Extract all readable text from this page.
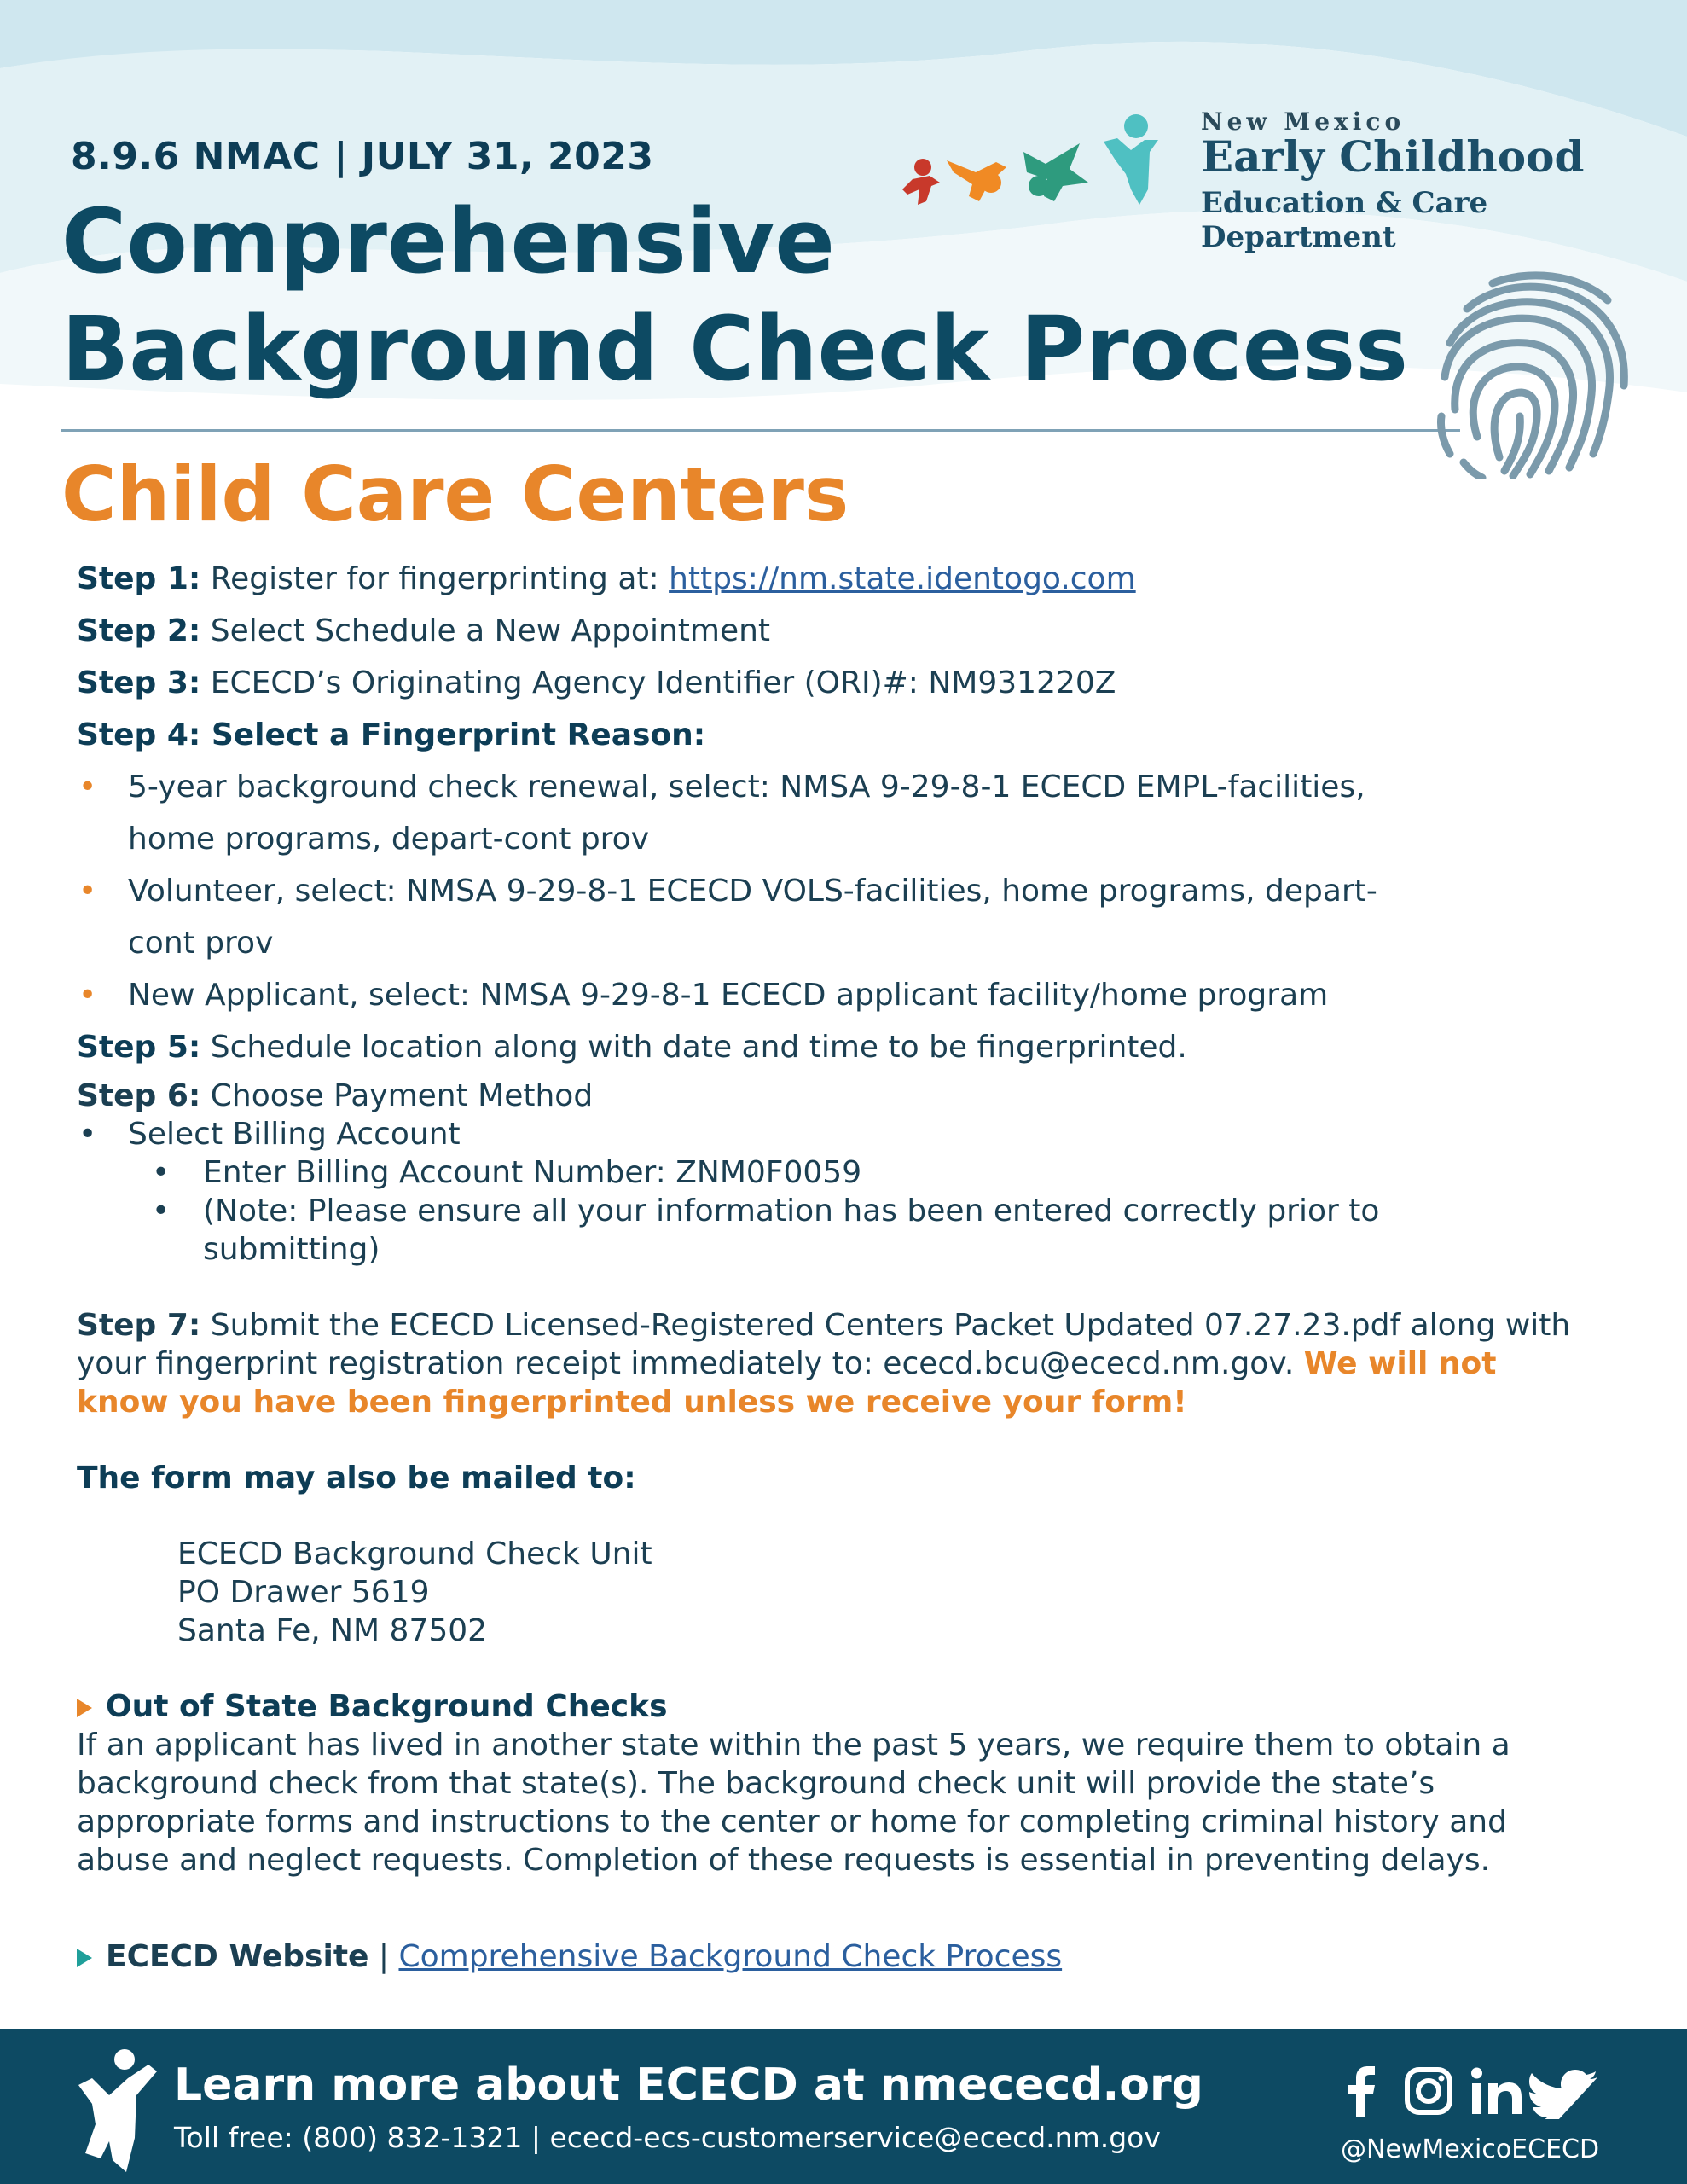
8.9.6 NMAC | JULY 31, 2023
Comprehensive
Background Check Process
Child Care Centers
New Mexico
Early Childhood
Education & Care Department

Step 1: Register for fingerprinting at: https://nm.state.identogo.com

Step 2: Select Schedule a New Appointment

Step 3: ECECD’s Originating Agency Identifier (ORI)#: NM931220Z

Step 4: Select a Fingerprint Reason:

• 5-year background check renewal, select: NMSA 9-29-8-1 ECECD EMPL-facilities, home programs, depart-cont prov
• Volunteer, select: NMSA 9-29-8-1 ECECD VOLS-facilities, home programs, depart-cont prov
• New Applicant, select: NMSA 9-29-8-1 ECECD applicant facility/home program

Step 5: Schedule location along with date and time to be fingerprinted.

Step 6: Choose Payment Method
• Select Billing Account
• Enter Billing Account Number: ZNM0F0059
• (Note: Please ensure all your information has been entered correctly prior to submitting)
Step 7: Submit the ECECD Licensed-Registered Centers Packet Updated 07.27.23.pdf along with your fingerprint registration receipt immediately to: ececd.bcu@ececd.nm.gov. We will not know you have been fingerprinted unless we receive your form!
The form may also be mailed to:
ECECD Background Check Unit
PO Drawer 5619
Santa Fe, NM 87502
Out of State Background Checks
If an applicant has lived in another state within the past 5 years, we require them to obtain a background check from that state(s). The background check unit will provide the state’s appropriate forms and instructions to the center or home for completing criminal history and abuse and neglect requests. Completion of these requests is essential in preventing delays.
ECECD Website | Comprehensive Background Check Process
Learn more about ECECD at nmececd.org
Toll free: (800) 832-1321 | ececd-ecs-customerservice@ececd.nm.gov	@NewMexicoECECD
